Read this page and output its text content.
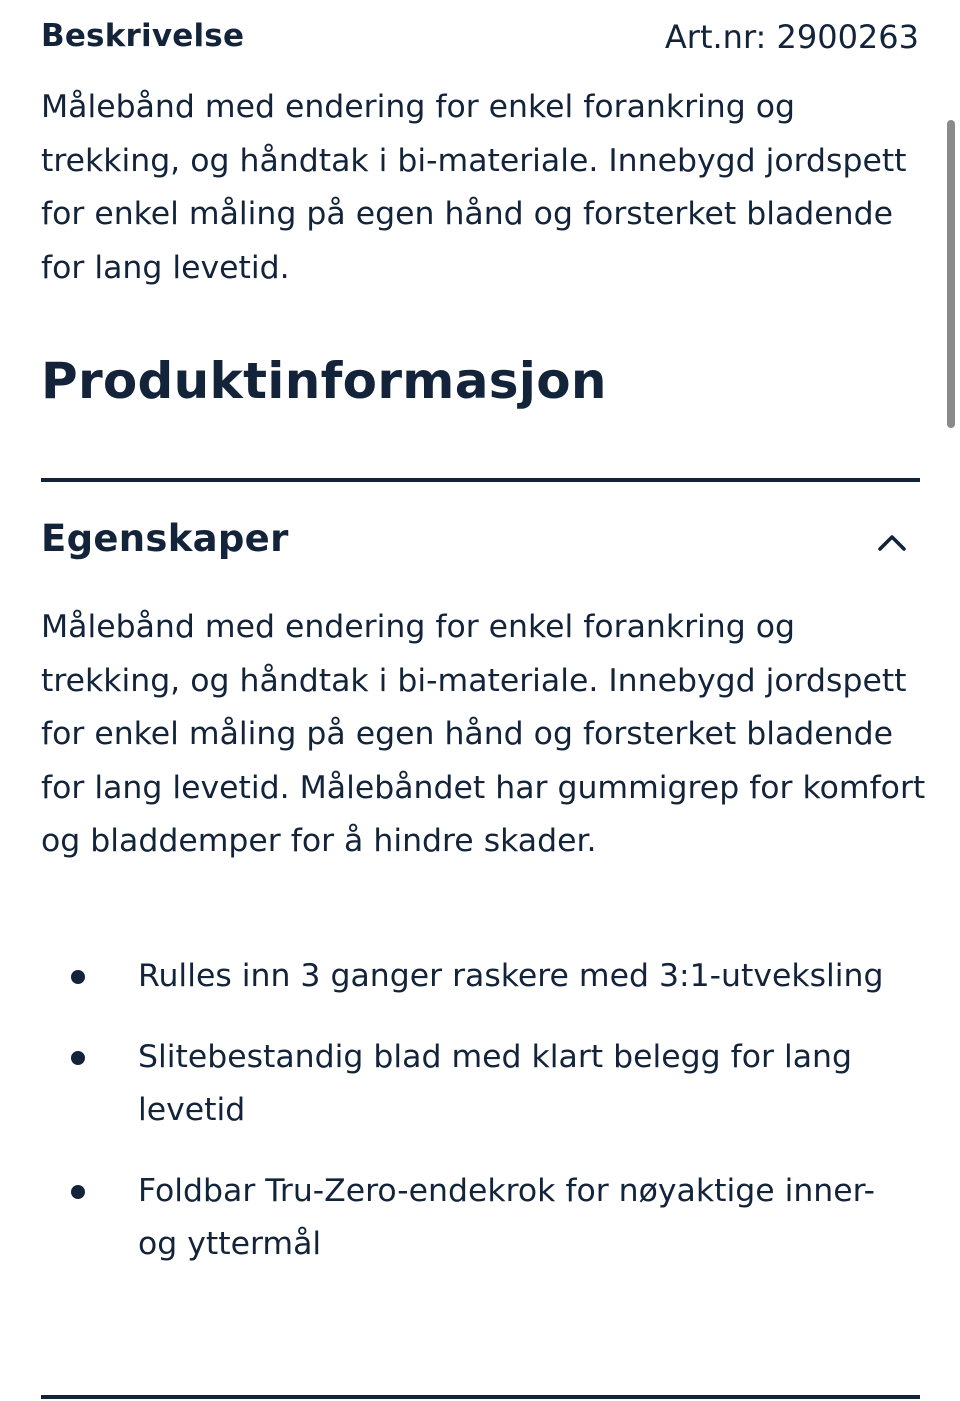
Beskrivelse	Art.nr: 2900263

Målebånd med endering for enkel forankring og trekking, og håndtak i bi-materiale. Innebygd jordspett for enkel måling på egen hånd og forsterket bladende for lang levetid.

Produktinformasjon
Egenskaper

Målebånd med endering for enkel forankring og trekking, og håndtak i bi-materiale. Innebygd jordspett for enkel måling på egen hånd og forsterket bladende for lang levetid. Målebåndet har gummigrep for komfort og bladdemper for å hindre skader.

Rulles inn 3 ganger raskere med 3:1-utveksling
Slitebestandig blad med klart belegg for lang levetid
Foldbar Tru-Zero-endekrok for nøyaktige inner- og yttermål
